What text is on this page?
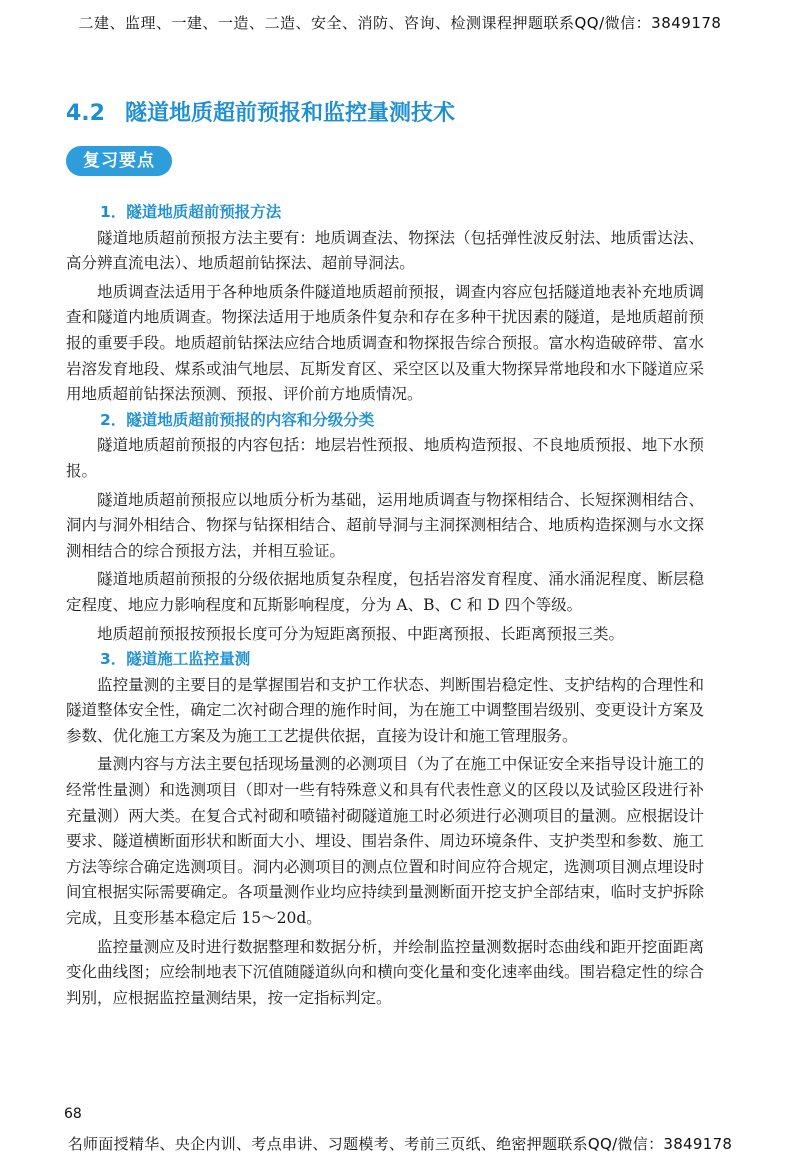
二建、监理、一建、一造、二造、安全、消防、咨询、检测课程押题联系QQ/微信：3849178
4.2 隧道地质超前预报和监控量测技术
复习要点
1．隧道地质超前预报方法

隧道地质超前预报方法主要有：地质调查法、物探法（包括弹性波反射法、地质雷达法、高分辨直流电法）、地质超前钻探法、超前导洞法。

地质调查法适用于各种地质条件隧道地质超前预报，调查内容应包括隧道地表补充地质调查和隧道内地质调查。物探法适用于地质条件复杂和存在多种干扰因素的隧道，是地质超前预报的重要手段。地质超前钻探法应结合地质调查和物探报告综合预报。富水构造破碎带、富水岩溶发育地段、煤系或油气地层、瓦斯发育区、采空区以及重大物探异常地段和水下隧道应采用地质超前钻探法预测、预报、评价前方地质情况。

2．隧道地质超前预报的内容和分级分类

隧道地质超前预报的内容包括：地层岩性预报、地质构造预报、不良地质预报、地下水预报。

隧道地质超前预报应以地质分析为基础，运用地质调查与物探相结合、长短探测相结合、洞内与洞外相结合、物探与钻探相结合、超前导洞与主洞探测相结合、地质构造探测与水文探测相结合的综合预报方法，并相互验证。

隧道地质超前预报的分级依据地质复杂程度，包括岩溶发育程度、涌水涌泥程度、断层稳定程度、地应力影响程度和瓦斯影响程度，分为 A、B、C 和 D 四个等级。

地质超前预报按预报长度可分为短距离预报、中距离预报、长距离预报三类。

3．隧道施工监控量测

监控量测的主要目的是掌握围岩和支护工作状态、判断围岩稳定性、支护结构的合理性和隧道整体安全性，确定二次衬砌合理的施作时间，为在施工中调整围岩级别、变更设计方案及参数、优化施工方案及为施工工艺提供依据，直接为设计和施工管理服务。

量测内容与方法主要包括现场量测的必测项目（为了在施工中保证安全来指导设计施工的经常性量测）和选测项目（即对一些有特殊意义和具有代表性意义的区段以及试验区段进行补充量测）两大类。在复合式衬砌和喷锚衬砌隧道施工时必须进行必测项目的量测。应根据设计要求、隧道横断面形状和断面大小、埋设、围岩条件、周边环境条件、支护类型和参数、施工方法等综合确定选测项目。洞内必测项目的测点位置和时间应符合规定，选测项目测点埋设时间宜根据实际需要确定。各项量测作业均应持续到量测断面开挖支护全部结束，临时支护拆除完成，且变形基本稳定后 15～20d。

监控量测应及时进行数据整理和数据分析，并绘制监控量测数据时态曲线和距开挖面距离变化曲线图；应绘制地表下沉值随隧道纵向和横向变化量和变化速率曲线。围岩稳定性的综合判别，应根据监控量测结果，按一定指标判定。

68
名师面授精华、央企内训、考点串讲、习题模考、考前三页纸、绝密押题联系QQ/微信：3849178
